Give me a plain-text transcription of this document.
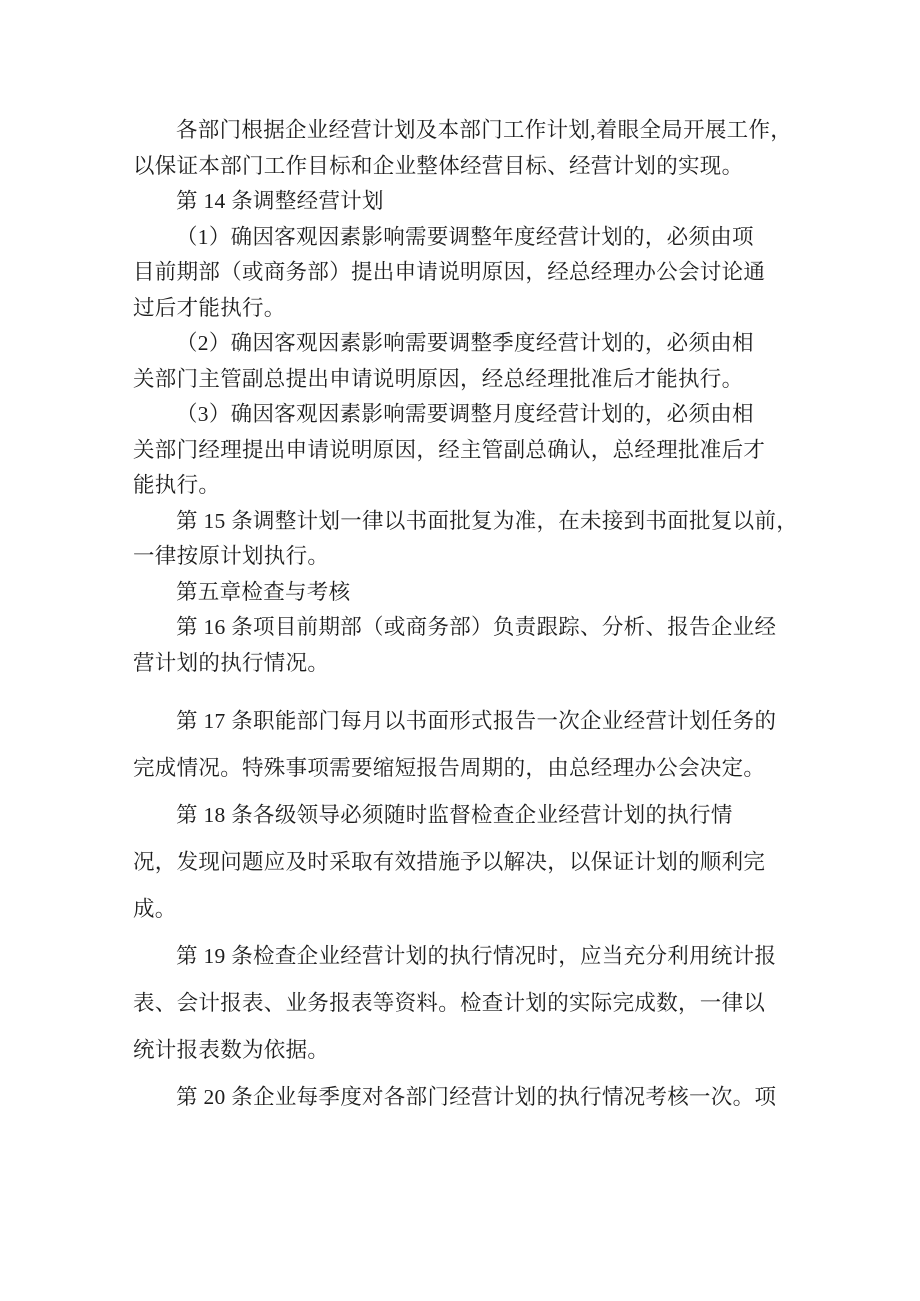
各部门根据企业经营计划及本部门工作计划,着眼全局开展工作，
以保证本部门工作目标和企业整体经营目标、经营计划的实现。
第 14 条调整经营计划
（1）确因客观因素影响需要调整年度经营计划的，必须由项
目前期部（或商务部）提出申请说明原因，经总经理办公会讨论通
过后才能执行。
（2）确因客观因素影响需要调整季度经营计划的，必须由相
关部门主管副总提出申请说明原因，经总经理批准后才能执行。
（3）确因客观因素影响需要调整月度经营计划的，必须由相
关部门经理提出申请说明原因，经主管副总确认，总经理批准后才
能执行。
第 15 条调整计划一律以书面批复为准，在未接到书面批复以前，
一律按原计划执行。
第五章检查与考核
第 16 条项目前期部（或商务部）负责跟踪、分析、报告企业经
营计划的执行情况。
第 17 条职能部门每月以书面形式报告一次企业经营计划任务的
完成情况。特殊事项需要缩短报告周期的，由总经理办公会决定。
第 18 条各级领导必须随时监督检查企业经营计划的执行情
况，发现问题应及时采取有效措施予以解决，以保证计划的顺利完
成。
第 19 条检查企业经营计划的执行情况时，应当充分利用统计报
表、会计报表、业务报表等资料。检查计划的实际完成数，一律以
统计报表数为依据。
第 20 条企业每季度对各部门经营计划的执行情况考核一次。项
